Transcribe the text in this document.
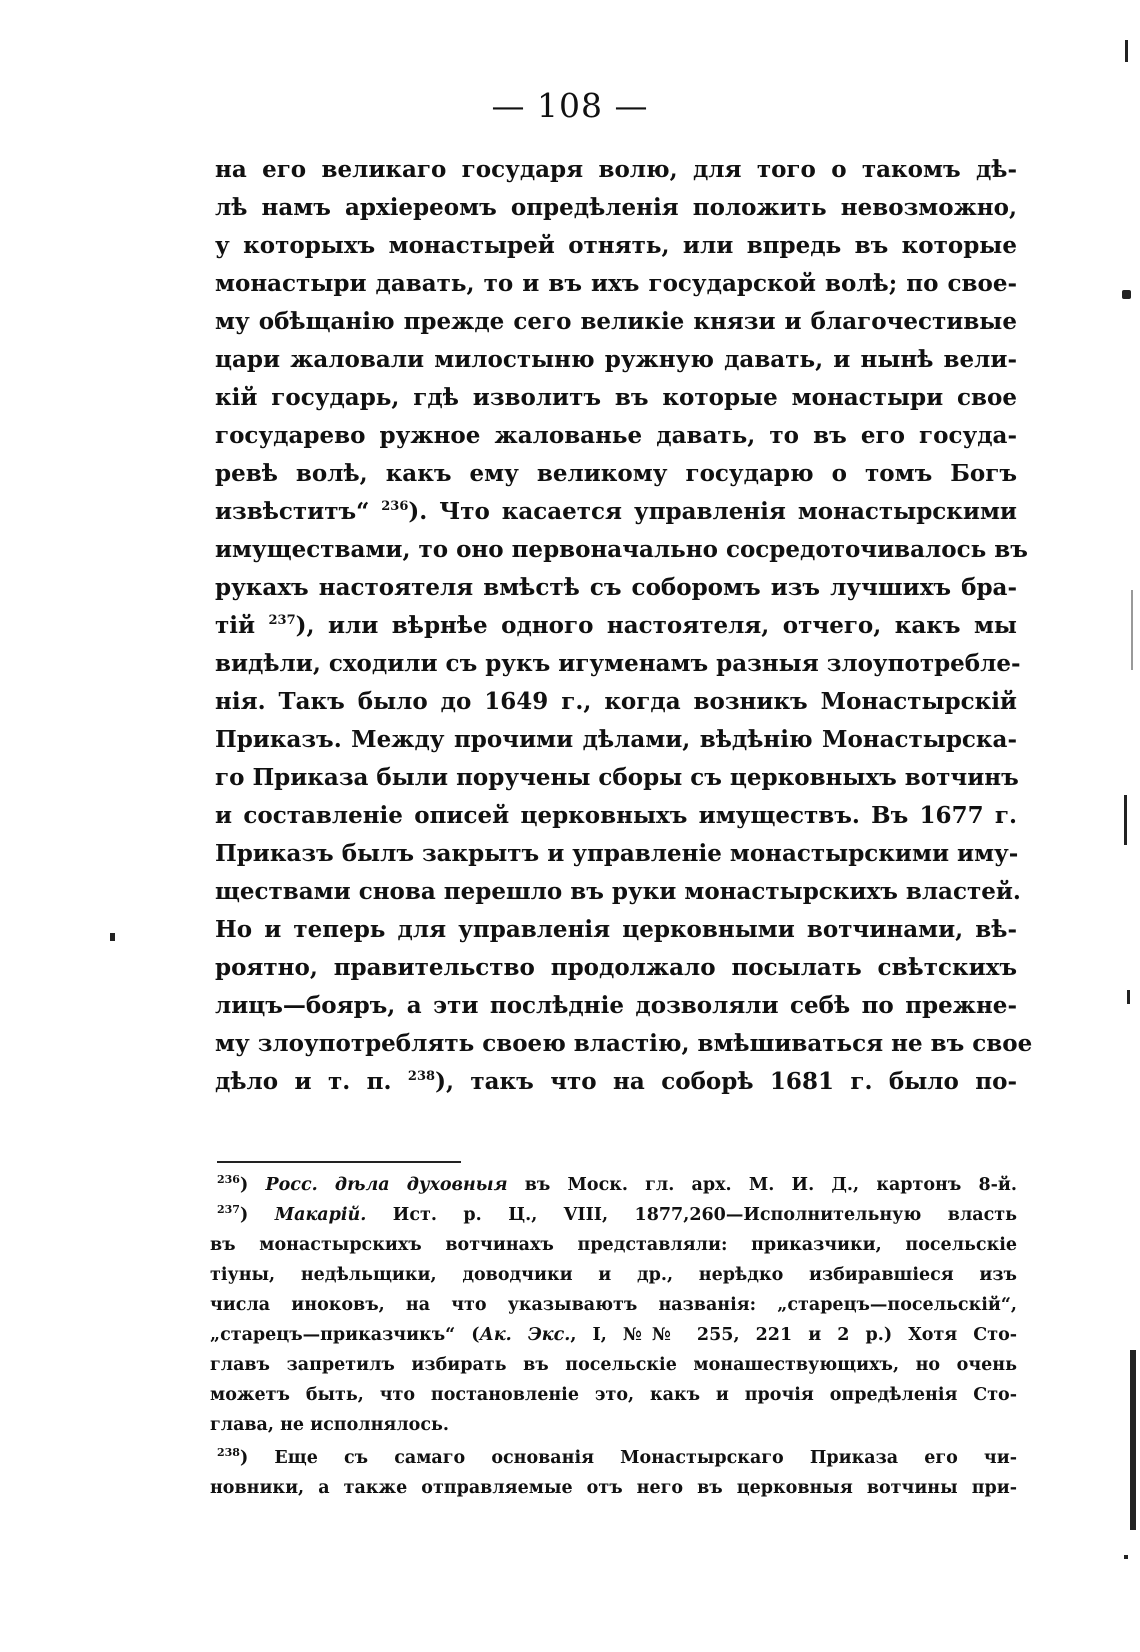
— 108 —
на его великаго государя волю, для того о такомъ дѣ-
лѣ намъ архіереомъ опредѣленія положить невозможно,
у которыхъ монастырей отнять, или впредь въ которые
монастыри давать, то и въ ихъ государской волѣ; по свое-
му обѣщанію прежде сего великіе князи и благочестивые
цари жаловали милостыню ружную давать, и нынѣ вели-
кій государь, гдѣ изволитъ въ которые монастыри свое
государево ружное жалованье давать, то въ его госуда-
ревѣ волѣ, какъ ему великому государю о томъ Богъ
извѣститъ“ $^{236}$). Что касается управленія монастырскими
имуществами, то оно первоначально сосредоточивалось въ
рукахъ настоятеля вмѣстѣ съ соборомъ изъ лучшихъ бра-
тій $^{237}$), или вѣрнѣе одного настоятеля, отчего, какъ мы
видѣли, сходили съ рукъ игуменамъ разныя злоупотребле-
нія. Такъ было до 1649 г., когда возникъ Монастырскій
Приказъ. Между прочими дѣлами, вѣдѣнію Монастырска-
го Приказа были поручены сборы съ церковныхъ вотчинъ
и составленіе описей церковныхъ имуществъ. Въ 1677 г.
Приказъ былъ закрытъ и управленіе монастырскими иму-
ществами снова перешло въ руки монастырскихъ властей.
Но и теперь для управленія церковными вотчинами, вѣ-
роятно, правительство продолжало посылать свѣтскихъ
лицъ—бояръ, а эти послѣдніе дозволяли себѣ по прежне-
му злоупотреблять своею властію, вмѣшиваться не въ свое
дѣло и т. п. $^{238}$), такъ что на соборѣ 1681 г. было по-
$^{236}$) Росс. дѣла духовныя въ Моск. гл. арх. М. И. Д., картонъ 8-й.
$^{237}$) Макарій. Ист. р. Ц., VIII, 1877,260—Исполнительную власть
въ монастырскихъ вотчинахъ представляли: приказчики, посельскіе
тіуны, недѣльщики, доводчики и др., нерѣдко избиравшіеся изъ
числа иноковъ, на что указываютъ названія: „старецъ—посельскій“,
„старецъ—приказчикъ“ (Ак. Экс., I, №№ 255, 221 и 2 р.) Хотя Сто-
главъ запретилъ избирать въ посельскіе монашествующихъ, но очень
можетъ быть, что постановленіе это, какъ и прочія опредѣленія Сто-
глава, не исполнялось.
$^{238}$) Еще съ самаго основанія Монастырскаго Приказа его чи-
новники, а также отправляемые отъ него въ церковныя вотчины при-
